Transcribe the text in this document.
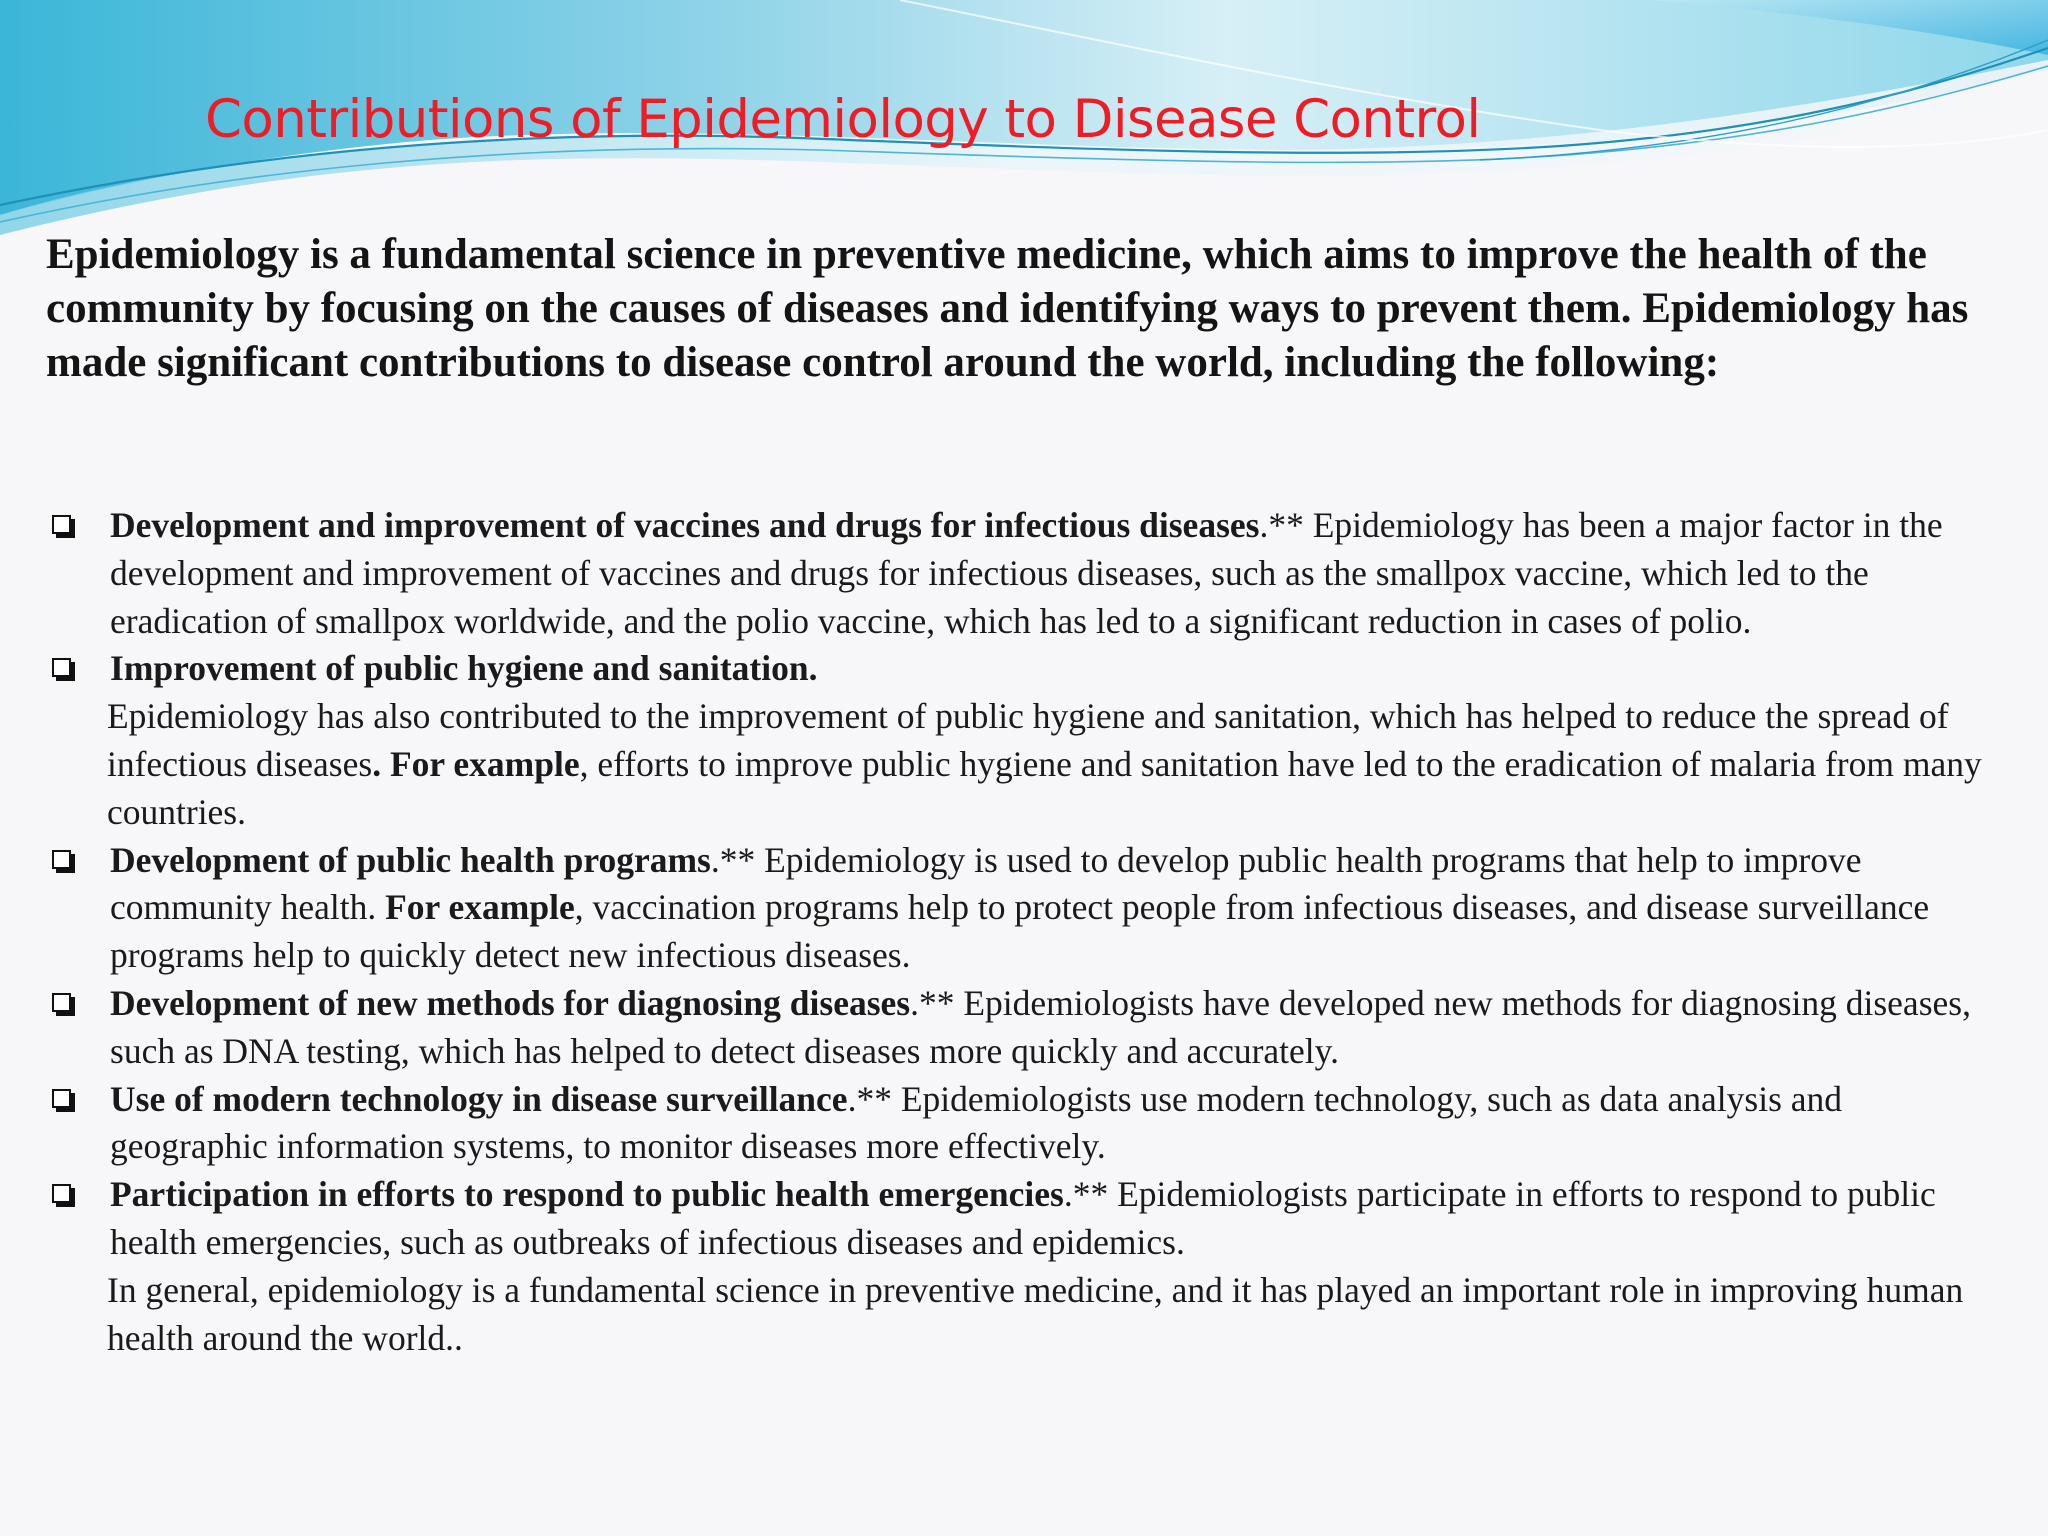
Contributions of Epidemiology to Disease Control

Epidemiology is a fundamental science in preventive medicine, which aims to improve the health of the community by focusing on the causes of diseases and identifying ways to prevent them. Epidemiology has made significant contributions to disease control around the world, including the following:

Development and improvement of vaccines and drugs for infectious diseases.** Epidemiology has been a major factor in the development and improvement of vaccines and drugs for infectious diseases, such as the smallpox vaccine, which led to the eradication of smallpox worldwide, and the polio vaccine, which has led to a significant reduction in cases of polio.
Improvement of public hygiene and sanitation.
Epidemiology has also contributed to the improvement of public hygiene and sanitation, which has helped to reduce the spread of infectious diseases. For example, efforts to improve public hygiene and sanitation have led to the eradication of malaria from many countries.
Development of public health programs.** Epidemiology is used to develop public health programs that help to improve community health. For example, vaccination programs help to protect people from infectious diseases, and disease surveillance programs help to quickly detect new infectious diseases.
Development of new methods for diagnosing diseases.** Epidemiologists have developed new methods for diagnosing diseases, such as DNA testing, which has helped to detect diseases more quickly and accurately.
Use of modern technology in disease surveillance.** Epidemiologists use modern technology, such as data analysis and geographic information systems, to monitor diseases more effectively.
Participation in efforts to respond to public health emergencies.** Epidemiologists participate in efforts to respond to public health emergencies, such as outbreaks of infectious diseases and epidemics.
In general, epidemiology is a fundamental science in preventive medicine, and it has played an important role in improving human health around the world..
